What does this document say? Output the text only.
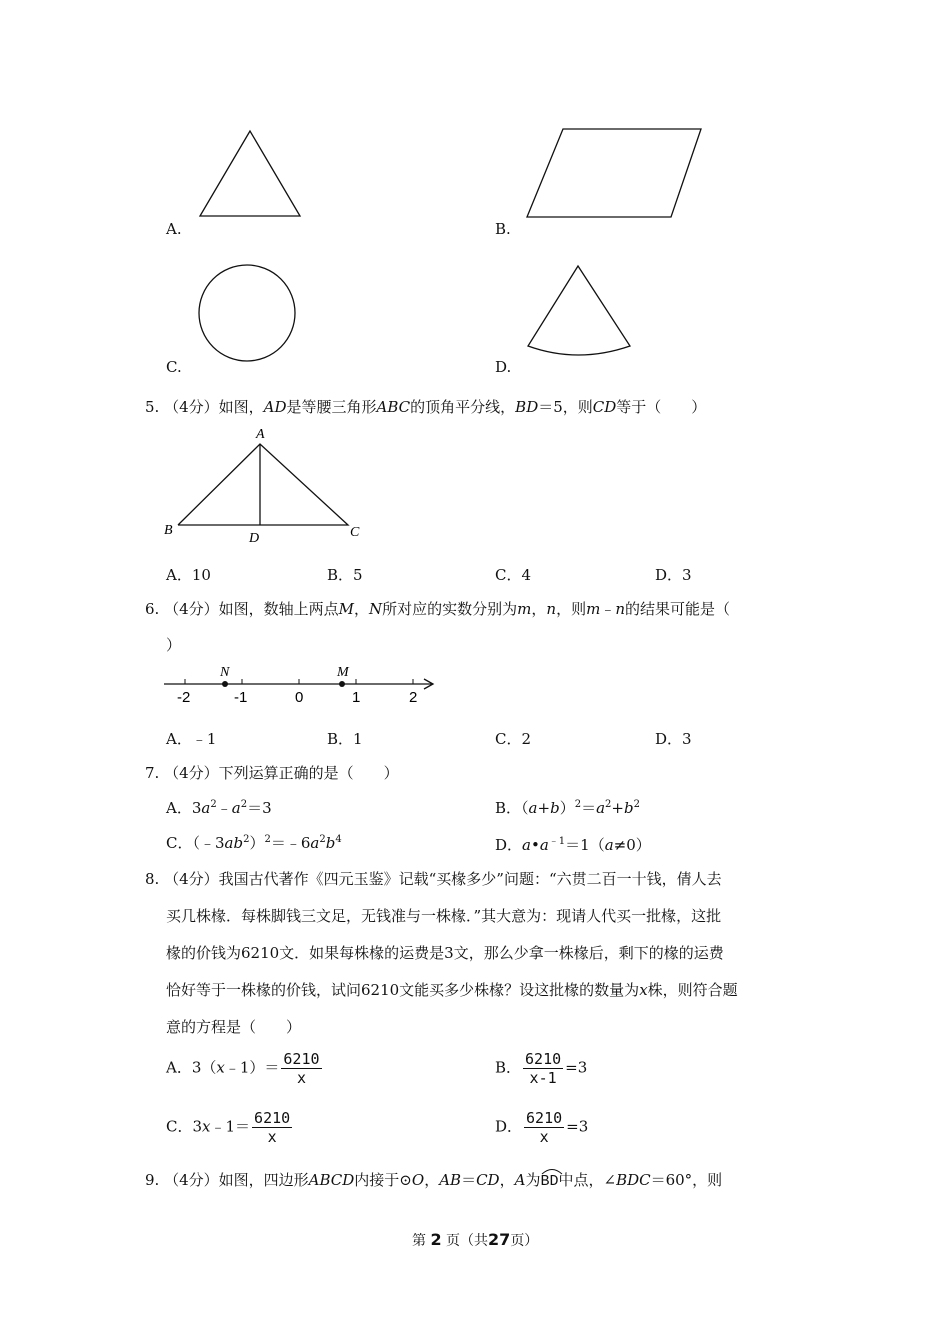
A.	B.
C.	D.
5. （4分）如图，AD是等腰三角形ABC的顶角平分线，BD＝5，则CD等于（　　）
A
B	C
D
A．10	B．5	C．4	D．3
6. （4分）如图，数轴上两点M，N所对应的实数分别为m，n，则m﹣n的结果可能是（
）
N	M
-2	-1	0	1	2
A．﹣1	B．1	C．2	D．3
7. （4分）下列运算正确的是（　　）
A．$3a^2﹣a^2=3$	B．$(a+b)^2=a^2+b^2$
C．$(﹣3ab^2)^2=﹣6a^2b^4$	D．$a•a^{﹣1}=1(a\ne 0)$
8. （4分）我国古代著作《四元玉鉴》记载“买椽多少”问题：“六贯二百一十钱，倩人去
买几株椽．每株脚钱三文足，无钱准与一株椽．”其大意为：现请人代买一批椽，这批
椽的价钱为6210文．如果每株椽的运费是3文，那么少拿一株椽后，剩下的椽的运费
恰好等于一株椽的价钱，试问6210文能买多少株椽？设这批椽的数量为x株，则符合题
意的方程是（　　）
A．3（x﹣1）＝ $\frac{6210}{x}$	B． $\frac{6210}{x-1} =3$
C．3x﹣1＝ $\frac{6210}{x}$	D． $\frac{6210}{x} =3$
9. （4分）如图，四边形ABCD内接于⊙O，AB＝CD，A为
BD中点，∠BDC＝60°，则
第 2 页（共27页）
